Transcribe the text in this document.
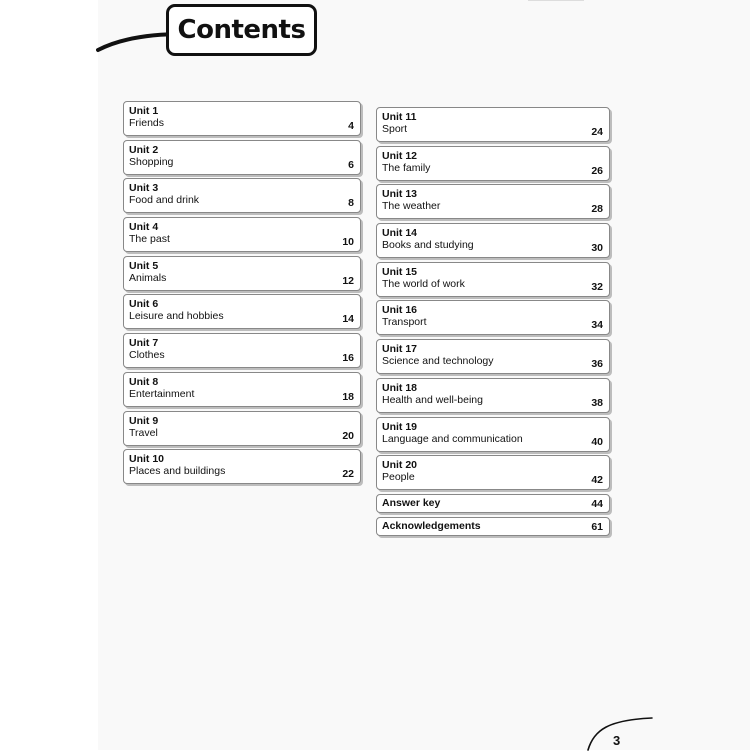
Contents
Unit 1
Friends	4
Unit 2
Shopping	6
Unit 3
Food and drink	8
Unit 4
The past	10
Unit 5
Animals	12
Unit 6
Leisure and hobbies	14
Unit 7
Clothes	16
Unit 8
Entertainment	18
Unit 9
Travel	20
Unit 10
Places and buildings	22
Unit 11
Sport	24
Unit 12
The family	26
Unit 13
The weather	28
Unit 14
Books and studying	30
Unit 15
The world of work	32
Unit 16
Transport	34
Unit 17
Science and technology	36
Unit 18
Health and well-being	38
Unit 19
Language and communication	40
Unit 20
People	42
Answer key	44
Acknowledgements	61
3
